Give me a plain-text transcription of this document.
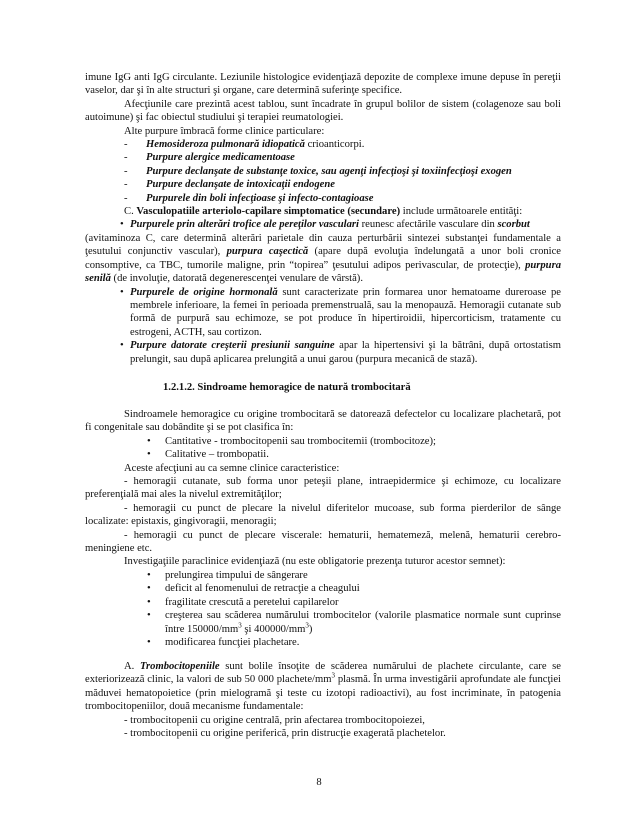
imune IgG anti IgG circulante. Leziunile histologice evidenţiază depozite de complexe imune depuse în pereţii vaselor, dar şi în alte structuri şi organe, care determină suferinţe specifice.

Afecţiunile care prezintă acest tablou, sunt încadrate în grupul bolilor de sistem (colagenoze sau boli autoimune) şi fac obiectul studiului şi terapiei reumatologiei.

Alte purpure îmbracă forme clinice particulare:

-	Hemosideroza pulmonară idiopatică crioanticorpi.
-	Purpure alergice medicamentoase
-	Purpure declanşate de substanţe toxice, sau agenţi infecţioşi şi toxiinfecţioşi exogen
-	Purpure declanşate de intoxicaţii endogene
-	Purpurele din boli infecţioase şi infecto-contagioase

C. Vasculopatiile arteriolo-capilare simptomatice (secundare) include următoarele entităţi:

• Purpurele prin alterări trofice ale pereţilor vasculari reunesc afectările vasculare din scorbut

(avitaminoza C, care determină alterări parietale din cauza perturbării sintezei substanţei fundamentale a ţesutului conjunctiv vascular), purpura caşectică (apare după evoluţia îndelungată a unor boli cronice consomptive, ca TBC, tumorile maligne, prin “topirea” ţesutului adipos perivascular, de protecţie), purpura senilă (de involuţie, datorată degenerescenţei venulare de vârstă).

• Purpurele de origine hormonală sunt caracterizate prin formarea unor hematoame dureroase pe membrele inferioare, la femei în perioada premenstruală, sau la menopauză. Hemoragii cutanate sub formă de purpură sau echimoze, se pot produce în hipertiroidii, hipercorticism, tratamente cu estrogeni, ACTH, sau cortizon.
• Purpure datorate creşterii presiunii sanguine apar la hipertensivi şi la bătrâni, după ortostatism prelungit, sau după aplicarea prelungită a unui garou (purpura mecanică de stază).

1.2.1.2. Sindroame hemoragice de natură trombocitară

Sindroamele hemoragice cu origine trombocitară se datorează defectelor cu localizare plachetară, pot fi congenitale sau dobândite şi se pot clasifica în:

•	Cantitative - trombocitopenii sau trombocitemii (trombocitoze);
•	Calitative – trombopatii.

Aceste afecţiuni au ca semne clinice caracteristice:

- hemoragii cutanate, sub forma unor peteşii plane, intraepidermice şi echimoze, cu localizare preferenţială mai ales la nivelul extremităţilor;

- hemoragii cu punct de plecare la nivelul diferitelor mucoase, sub forma pierderilor de sânge localizate: epistaxis, gingivoragii, menoragii;

- hemoragii cu punct de plecare viscerale: hematurii, hematemeză, melenă, hematurii cerebro-meningiene etc.

Investigaţiile paraclinice evidenţiază (nu este obligatorie prezenţa tuturor acestor semnet):

•	prelungirea timpului de sângerare
•	deficit al fenomenului de retracţie a cheagului
•	fragilitate crescută a peretelui capilarelor
•	creşterea sau scăderea numărului trombocitelor (valorile plasmatice normale sunt cuprinse între $150000/mm^3$ şi $400000/mm^3$)
•	modificarea funcţiei plachetare.

A. Trombocitopeniile sunt bolile însoţite de scăderea numărului de plachete circulante, care se exteriorizează clinic, la valori de sub 50 000 plachete/$mm^3$ plasmă. În urma investigării aprofundate ale funcţiei măduvei hematopoietice (prin mielogramă şi teste cu izotopi radioactivi), au fost incriminate, în patogenia trombocitopeniilor, două mecanisme fundamentale:

- trombocitopenii cu origine centrală, prin afectarea trombocitopoiezei,

- trombocitopenii cu origine periferică, prin distrucţie exagerată plachetelor.

8
